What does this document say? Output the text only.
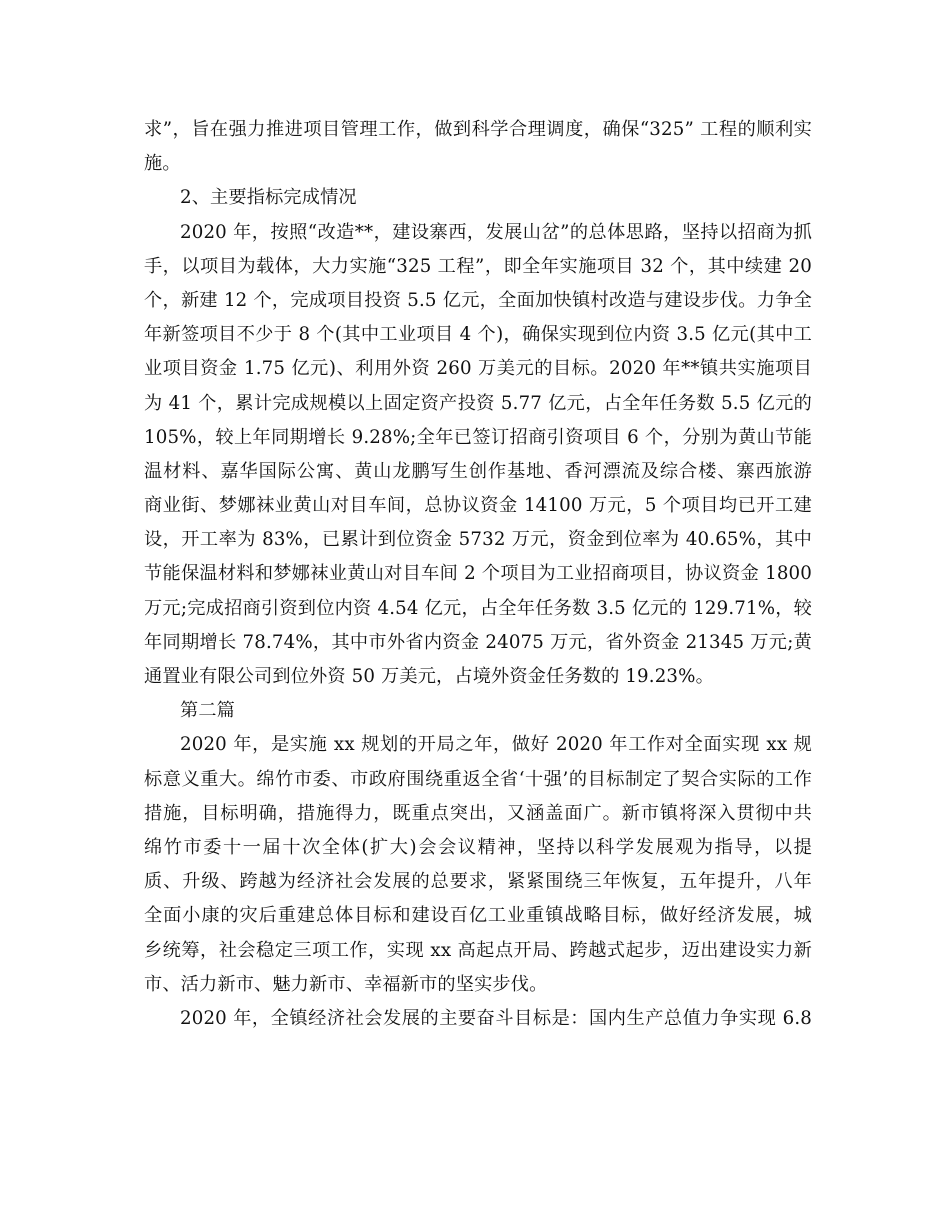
求”，旨在强力推进项目管理工作，做到科学合理调度，确保“325” 工程的顺利实
施。
2、主要指标完成情况
2020 年，按照“改造**，建设寨西，发展山岔”的总体思路，坚持以招商为抓
手，以项目为载体，大力实施“325 工程”，即全年实施项目 32 个，其中续建 20
个，新建 12 个，完成项目投资 5.5 亿元，全面加快镇村改造与建设步伐。力争全
年新签项目不少于 8 个(其中工业项目 4 个)，确保实现到位内资 3.5 亿元(其中工
业项目资金 1.75 亿元)、利用外资 260 万美元的目标。2020 年**镇共实施项目
为 41 个，累计完成规模以上固定资产投资 5.77 亿元，占全年任务数 5.5 亿元的
105%，较上年同期增长 9.28%;全年已签订招商引资项目 6 个，分别为黄山节能
温材料、嘉华国际公寓、黄山龙鹏写生创作基地、香河漂流及综合楼、寨西旅游
商业街、梦娜袜业黄山对目车间，总协议资金 14100 万元，5 个项目均已开工建
设，开工率为 83%，已累计到位资金 5732 万元，资金到位率为 40.65%，其中
节能保温材料和梦娜袜业黄山对目车间 2 个项目为工业招商项目，协议资金 1800
万元;完成招商引资到位内资 4.54 亿元，占全年任务数 3.5 亿元的 129.71%，较
年同期增长 78.74%，其中市外省内资金 24075 万元，省外资金 21345 万元;黄
通置业有限公司到位外资 50 万美元，占境外资金任务数的 19.23%。
第二篇
2020 年，是实施 xx 规划的开局之年，做好 2020 年工作对全面实现 xx 规
标意义重大。绵竹市委、市政府围绕重返全省‘十强’的目标制定了契合实际的工作
措施，目标明确，措施得力，既重点突出，又涵盖面广。新市镇将深入贯彻中共
绵竹市委十一届十次全体(扩大)会会议精神，坚持以科学发展观为指导，以提
质、升级、跨越为经济社会发展的总要求，紧紧围绕三年恢复，五年提升，八年
全面小康的灾后重建总体目标和建设百亿工业重镇战略目标，做好经济发展，城
乡统筹，社会稳定三项工作，实现 xx 高起点开局、跨越式起步，迈出建设实力新
市、活力新市、魅力新市、幸福新市的坚实步伐。
2020 年，全镇经济社会发展的主要奋斗目标是：国内生产总值力争实现 6.8
